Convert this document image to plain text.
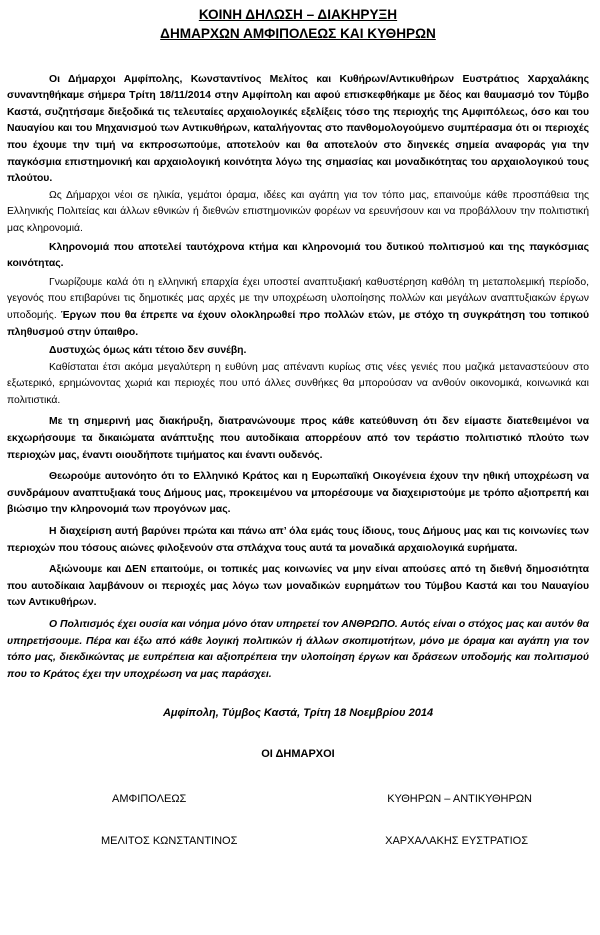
ΚΟΙΝΗ ΔΗΛΩΣΗ – ΔΙΑΚΗΡΥΞΗ
ΔΗΜΑΡΧΩΝ ΑΜΦΙΠΟΛΕΩΣ ΚΑΙ ΚΥΘΗΡΩΝ

Οι Δήμαρχοι Αμφίπολης, Κωνσταντίνος Μελίτος και Κυθήρων/Αντικυθήρων Ευστράτιος Χαρχαλάκης συναντηθήκαμε σήμερα Τρίτη 18/11/2014 στην Αμφίπολη και αφού επισκεφθήκαμε με δέος και θαυμασμό τον Τύμβο Καστά, συζητήσαμε διεξοδικά τις τελευταίες αρχαιολογικές εξελίξεις τόσο της περιοχής της Αμφιπόλεως, όσο και του Ναυαγίου και του Μηχανισμού των Αντικυθήρων, καταλήγοντας στο πανθομολογούμενο συμπέρασμα ότι οι περιοχές που έχουμε την τιμή να εκπροσωπούμε, αποτελούν και θα αποτελούν στο διηνεκές σημεία αναφοράς για την παγκόσμια επιστημονική και αρχαιολογική κοινότητα λόγω της σημασίας και μοναδικότητας του αρχαιολογικού τους πλούτου.

Ως Δήμαρχοι νέοι σε ηλικία, γεμάτοι όραμα, ιδέες και αγάπη για τον τόπο μας, επαινούμε κάθε προσπάθεια της Ελληνικής Πολιτείας και άλλων εθνικών ή διεθνών επιστημονικών φορέων να ερευνήσουν και να προβάλλουν την πολιτιστική μας κληρονομιά.

Κληρονομιά που αποτελεί ταυτόχρονα κτήμα και κληρονομιά του δυτικού πολιτισμού και της παγκόσμιας κοινότητας.

Γνωρίζουμε καλά ότι η ελληνική επαρχία έχει υποστεί αναπτυξιακή καθυστέρηση καθόλη τη μεταπολεμική περίοδο, γεγονός που επιβαρύνει τις δημοτικές μας αρχές με την υποχρέωση υλοποίησης πολλών και μεγάλων αναπτυξιακών έργων υποδομής. Έργων που θα έπρεπε να έχουν ολοκληρωθεί προ πολλών ετών, με στόχο τη συγκράτηση του τοπικού πληθυσμού στην ύπαιθρο.

Δυστυχώς όμως κάτι τέτοιο δεν συνέβη.

Καθίσταται έτσι ακόμα μεγαλύτερη η ευθύνη μας απέναντι κυρίως στις νέες γενιές που μαζικά μεταναστεύουν στο εξωτερικό, ερημώνοντας χωριά και περιοχές που υπό άλλες συνθήκες θα μπορούσαν να ανθούν οικονομικά, κοινωνικά και πολιτιστικά.

Με τη σημερινή μας διακήρυξη, διατρανώνουμε προς κάθε κατεύθυνση ότι δεν είμαστε διατεθειμένοι να εκχωρήσουμε τα δικαιώματα ανάπτυξης που αυτοδίκαια απορρέουν από τον τεράστιο πολιτιστικό πλούτο των περιοχών μας, έναντι οιουδήποτε τιμήματος και έναντι ουδενός.

Θεωρούμε αυτονόητο ότι το Ελληνικό Κράτος και η Ευρωπαϊκή Οικογένεια έχουν την ηθική υποχρέωση να συνδράμουν αναπτυξιακά τους Δήμους μας, προκειμένου να μπορέσουμε να διαχειριστούμε με τρόπο αξιοπρεπή και βιώσιμο την κληρονομιά των προγόνων μας.

Η διαχείριση αυτή βαρύνει πρώτα και πάνω απ’ όλα εμάς τους ίδιους, τους Δήμους μας και τις κοινωνίες των περιοχών που τόσους αιώνες φιλοξενούν στα σπλάχνα τους αυτά τα μοναδικά αρχαιολογικά ευρήματα.

Αξιώνουμε και ΔΕΝ επαιτούμε, οι τοπικές μας κοινωνίες να μην είναι απούσες από τη διεθνή δημοσιότητα που αυτοδίκαια λαμβάνουν οι περιοχές μας λόγω των μοναδικών ευρημάτων του Τύμβου Καστά και του Ναυαγίου των Αντικυθήρων.

Ο Πολιτισμός έχει ουσία και νόημα μόνο όταν υπηρετεί τον ΑΝΘΡΩΠΟ. Αυτός είναι ο στόχος μας και αυτόν θα υπηρετήσουμε. Πέρα και έξω από κάθε λογική πολιτικών ή άλλων σκοπιμοτήτων, μόνο με όραμα και αγάπη για τον τόπο μας, διεκδικώντας με ευπρέπεια και αξιοπρέπεια την υλοποίηση έργων και δράσεων υποδομής και πολιτισμού που το Κράτος έχει την υποχρέωση να μας παράσχει.

Αμφίπολη, Τύμβος Καστά, Τρίτη 18 Νοεμβρίου 2014
ΟΙ ΔΗΜΑΡΧΟΙ
ΑΜΦΙΠΟΛΕΩΣ	ΚΥΘΗΡΩΝ – ΑΝΤΙΚΥΘΗΡΩΝ
ΜΕΛΙΤΟΣ ΚΩΝΣΤΑΝΤΙΝΟΣ	ΧΑΡΧΑΛΑΚΗΣ ΕΥΣΤΡΑΤΙΟΣ
